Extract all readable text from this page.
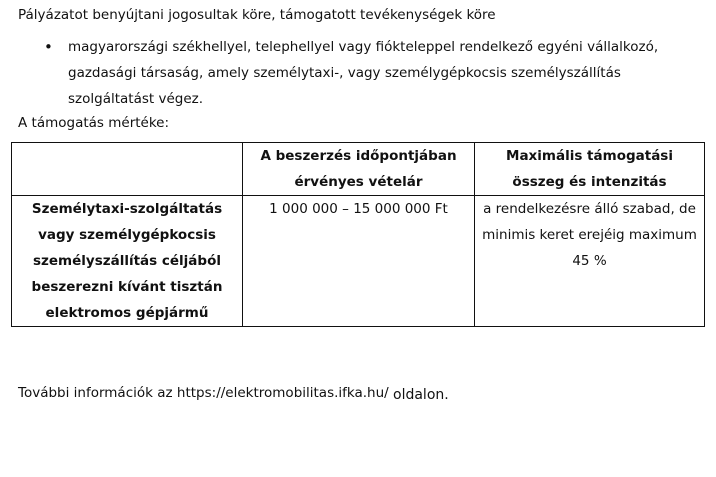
Pályázatot benyújtani jogosultak köre, támogatott tevékenységek köre
•	magyarországi székhellyel, telephellyel vagy fiókteleppel rendelkező egyéni vállalkozó, gazdasági társaság, amely személytaxi-, vagy személygépkocsis személyszállítás szolgáltatást végez.
A támogatás mértéke:
	A beszerzés időpontjában érvényes vételár	Maximális támogatási összeg és intenzitás
Személytaxi-szolgáltatás vagy személygépkocsis személyszállítás céljából beszerezni kívánt tisztán elektromos gépjármű	1 000 000 – 15 000 000 Ft	a rendelkezésre álló szabad, de minimis keret erejéig maximum 45 %
További információk az https://elektromobilitas.ifka.hu/ oldalon.
